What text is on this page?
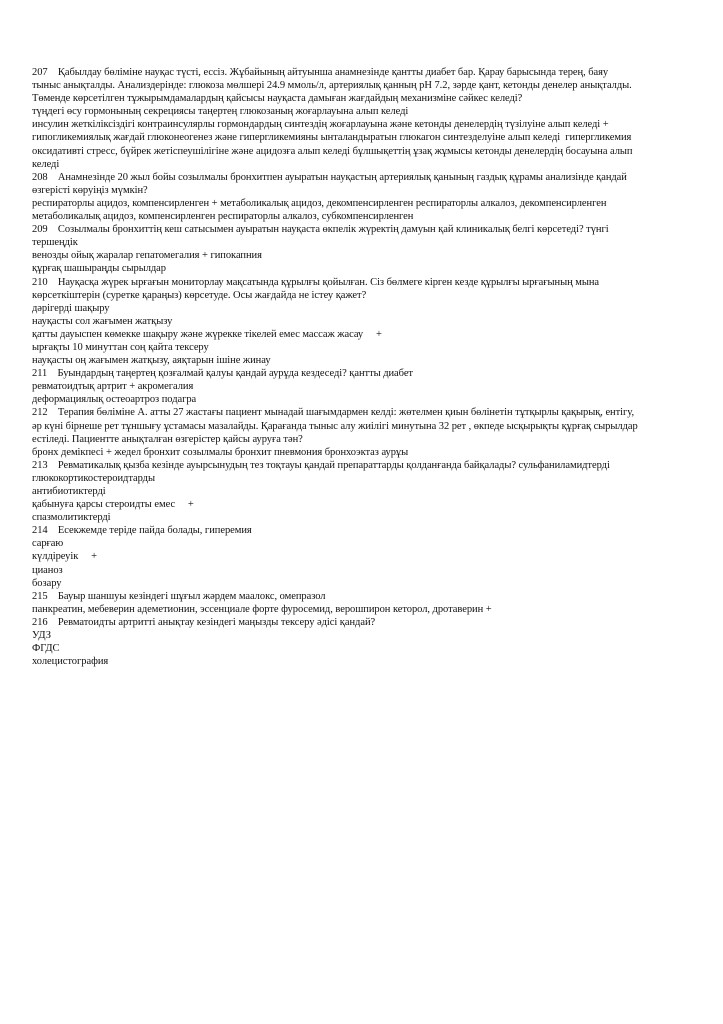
207    Қабылдау бөліміне науқас түсті, ессіз. Жұбайының айтуынша анамнезінде қантты диабет бар. Қарау барысында терең, баяу
тыныс анықталды. Анализдерінде: глюкоза мөлшері 24.9 ммоль/л, артериялық қанның рН 7.2, зәрде қант, кетонды денелер анықталды.
Төменде көрсетілген тұжырымдамалардың қайсысы науқаста дамыған жағдайдың механизміне сәйкес келеді?
түңдегі өсу гормонының секрециясы таңертең глюкозаның жоғарлауына алып келеді
инсулин жеткіліксіздігі контраинсулярлы гормондардың синтездің жоғарлауына және кетонды денелердің түзілуіне алып келеді +
гипогликемиялық жағдай глюконеогенез және гипергликемияны ынталандыратын глюкагон синтезделуіне алып келеді  гипергликемия
оксидативті стресс, бүйрек жетіспеушілігіне және ацидозға алып келеді бұлшықеттің ұзақ жұмысы кетонды денелердің босауына алып
келеді
208    Анамнезінде 20 жыл бойы созылмалы бронхитпен ауыратын науқастың артериялық қанының газдық құрамы анализінде қандай
өзгерісті көруіңіз мүмкін?
респираторлы ацидоз, компенсирленген + метаболикалық ацидоз, декомпенсирленген респираторлы алкалоз, декомпенсирленген
метаболикалық ацидоз, компенсирленген респираторлы алкалоз, субкомпенсирленген
209    Созылмалы бронхиттің кеш сатысымен ауыратын науқаста өкпелік жүректің дамуын қай клиникалық белгі көрсетеді? түнгі
тершеңдік
венозды ойық жаралар гепатомегалия + гипокапния
құрғақ шашыраңды сырылдар
210    Науқасқа жүрек ырғағын мониторлау мақсатында құрылғы қойылған. Сіз бөлмеге кірген кезде құрылғы ырғағының мына
көрсеткіштерін (суретке қараңыз) көрсетуде. Осы жағдайда не істеу қажет?
дәрігерді шақыру
науқасты сол жағымен жатқызу
қатты дауыспен көмекке шақыру және жүрекке тікелей емес массаж жасау     +
ырғақты 10 минуттан соң қайта тексеру
науқасты оң жағымен жатқызу, аяқтарын ішіне жинау
211    Буындардың таңертең қозғалмай қалуы қандай аурұда кездеседі? қантты диабет
ревматоидтық артрит + акромегалия
деформациялық остеоартроз подагра
212    Терапия бөліміне А. атты 27 жастағы пациент мынадай шағымдармен келді: жөтелмен қиын бөлінетін тұтқырлы қақырық, ентігу,
әр күні бірнеше рет тұншығу ұстамасы мазалайды. Қарағанда тыныс алу жиілігі минутына 32 рет , өкпеде ысқырықты құрғақ сырылдар
естіледі. Пациентте анықталған өзгерістер қайсы ауруға тән?
бронх демікпесі + жедел бронхит созылмалы бронхит пневмония бронхоэктаз аурұы
213    Ревматикалық қызба кезінде ауырсынудың тез тоқтауы қандай препараттарды қолданғанда байқалады? сульфаниламидтерді
глюкокортикостероидтарды
антибиотиктерді
қабынуға қарсы стероидты емес     +
спазмолитиктерді
214    Есекжемде теріде пайда болады, гиперемия
сарғаю
күлдіреуік     +
цианоз
бозару
215    Бауыр шаншуы кезіндегі шұғыл жәрдем маалокс, омепразол
панкреатин, мебеверин адеметионин, эссенциале форте фуросемид, верошпирон кеторол, дротаверин +
216    Ревматоидты артритті анықтау кезіндегі маңызды тексеру әдісі қандай?
УДЗ
ФГДС
холецистография
